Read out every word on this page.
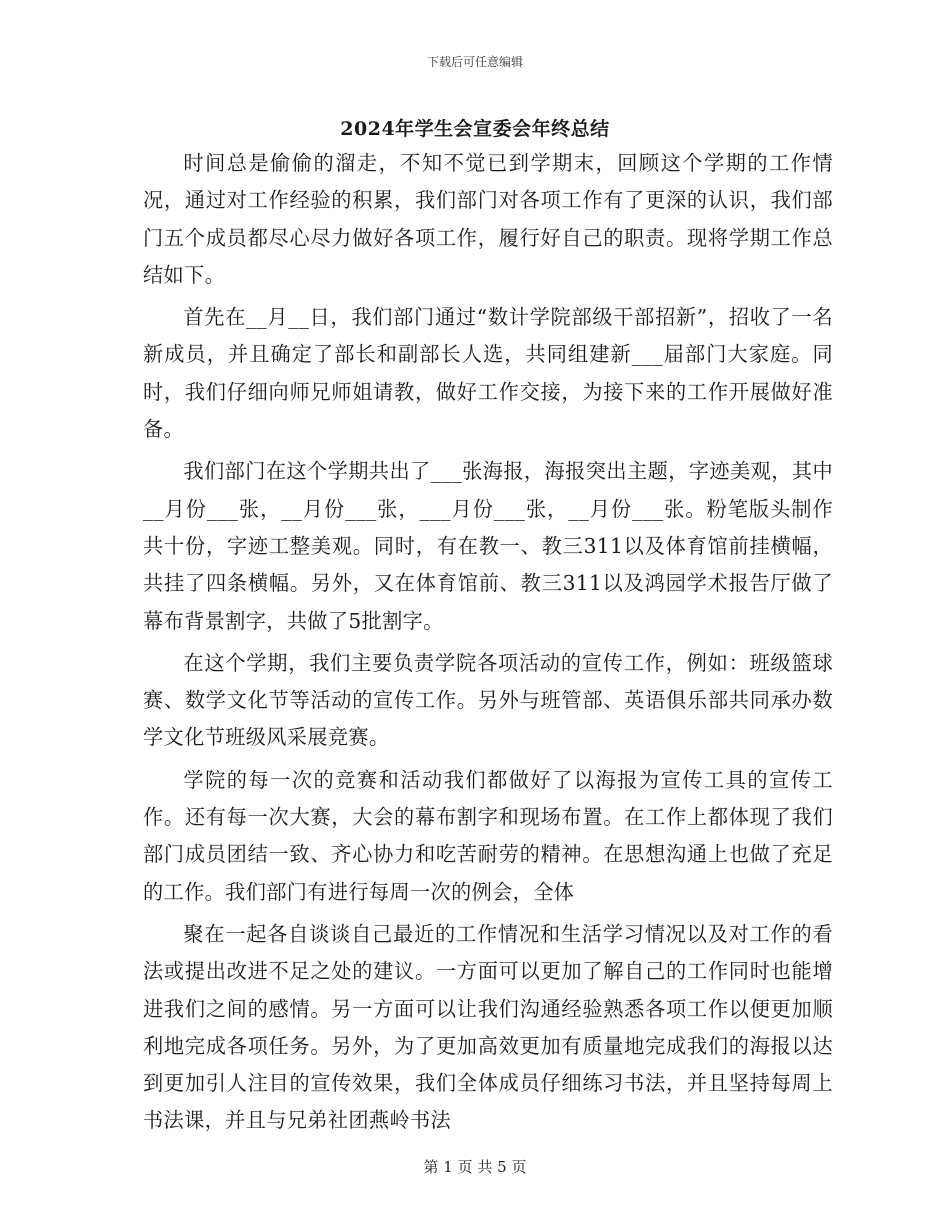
下载后可任意编辑
2024年学生会宣委会年终总结

时间总是偷偷的溜走，不知不觉已到学期末，回顾这个学期的工作情况，通过对工作经验的积累，我们部门对各项工作有了更深的认识，我们部门五个成员都尽心尽力做好各项工作，履行好自己的职责。现将学期工作总结如下。

首先在__月__日，我们部门通过“数计学院部级干部招新”，招收了一名新成员，并且确定了部长和副部长人选，共同组建新___届部门大家庭。同时，我们仔细向师兄师姐请教，做好工作交接，为接下来的工作开展做好准备。

我们部门在这个学期共出了___张海报，海报突出主题，字迹美观，其中__月份___张，__月份___张，___月份___张，__月份___张。粉笔版头制作共十份，字迹工整美观。同时，有在教一、教三311以及体育馆前挂横幅，共挂了四条横幅。另外，又在体育馆前、教三311以及鸿园学术报告厅做了幕布背景割字，共做了5批割字。

在这个学期，我们主要负责学院各项活动的宣传工作，例如：班级篮球赛、数学文化节等活动的宣传工作。另外与班管部、英语俱乐部共同承办数学文化节班级风采展竞赛。

学院的每一次的竞赛和活动我们都做好了以海报为宣传工具的宣传工作。还有每一次大赛，大会的幕布割字和现场布置。在工作上都体现了我们部门成员团结一致、齐心协力和吃苦耐劳的精神。在思想沟通上也做了充足的工作。我们部门有进行每周一次的例会，全体

聚在一起各自谈谈自己最近的工作情况和生活学习情况以及对工作的看法或提出改进不足之处的建议。一方面可以更加了解自己的工作同时也能增进我们之间的感情。另一方面可以让我们沟通经验熟悉各项工作以便更加顺利地完成各项任务。另外，为了更加高效更加有质量地完成我们的海报以达到更加引人注目的宣传效果，我们全体成员仔细练习书法，并且坚持每周上书法课，并且与兄弟社团燕岭书法

第 1 页 共 5 页
